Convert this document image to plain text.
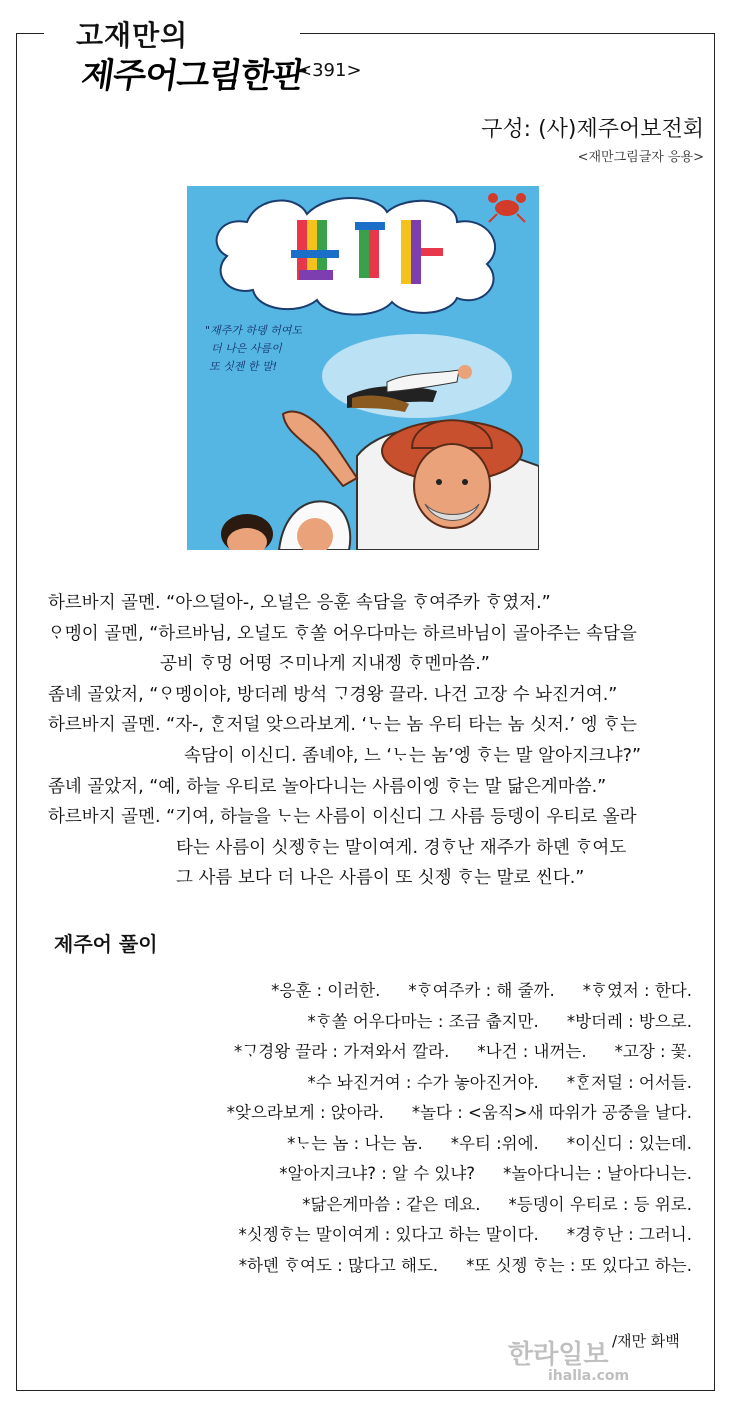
고재만의
제주어그림한판
<391>
구성: (사)제주어보전회
<재만그림글자 응용>
"재주가 하뎅 허여도
더 나은 사름이
또 싯젠 한 말!
하르바지 골멘. “아으덜아-, 오널은 응훈 속담을 ᄒᆞ여주카 ᄒᆞ였저.”
ᄋᆞ멩이 골멘, “하르바님, 오널도 ᄒᆞ쏠 어우다마는 하르바님이 골아주는 속담을
공비 ᄒᆞ멍 어떵 ᄌᆞ미나게 지내젱 ᄒᆞ멘마씀.”
좀녜 골았저, “ᄋᆞ멩이야, 방더레 방석 ᄀᆞ경왕 끌라. 나건 고장 수 놔진거여.”
하르바지 골멘. “자-, ᄒᆞᆫ저덜 앚으라보게. ‘ᄂᆞ는 놈 우티 타는 놈 싯저.’ 엥 ᄒᆞ는
속담이 이신디. 좀녜야, 느 ‘ᄂᆞ는 놈’엥 ᄒᆞ는 말 알아지크냐?”
좀녜 골았저, “예, 하늘 우티로 놀아다니는 사름이엥 ᄒᆞ는 말 닮은게마씀.”
하르바지 골멘. “기여, 하늘을 ᄂᆞ는 사름이 이신디 그 사름 등뎅이 우티로 올라
타는 사름이 싯젱ᄒᆞ는 말이여게. 경ᄒᆞ난 재주가 하뎬 ᄒᆞ여도
그 사름 보다 더 나은 사름이 또 싯젱 ᄒᆞ는 말로 씬다.”
제주어 풀이
*응훈 : 이러한. *ᄒᆞ여주카 : 해 줄까. *ᄒᆞ였저 : 한다.
*ᄒᆞ쏠 어우다마는 : 조금 춥지만. *방더레 : 방으로.
*ᄀᆞ경왕 끌라 : 가져와서 깔라. *나건 : 내꺼는. *고장 : 꽃.
*수 놔진거여 : 수가 놓아진거야. *ᄒᆞᆫ저덜 : 어서들.
*앚으라보게 : 앉아라. *놀다 : <움직>새 따위가 공중을 날다.
*ᄂᆞ는 놈 : 나는 놈. *우티 :위에. *이신디 : 있는데.
*알아지크냐? : 알 수 있냐? *놀아다니는 : 날아다니는.
*닮은게마씀 : 같은 데요. *등뎅이 우티로 : 등 위로.
*싯젱ᄒᆞ는 말이여게 : 있다고 하는 말이다. *경ᄒᆞ난 : 그러니.
*하뎬 ᄒᆞ여도 : 많다고 해도. *또 싯젱 ᄒᆞ는 : 또 있다고 하는.
한라일보
ihalla.com
/재만 화백
